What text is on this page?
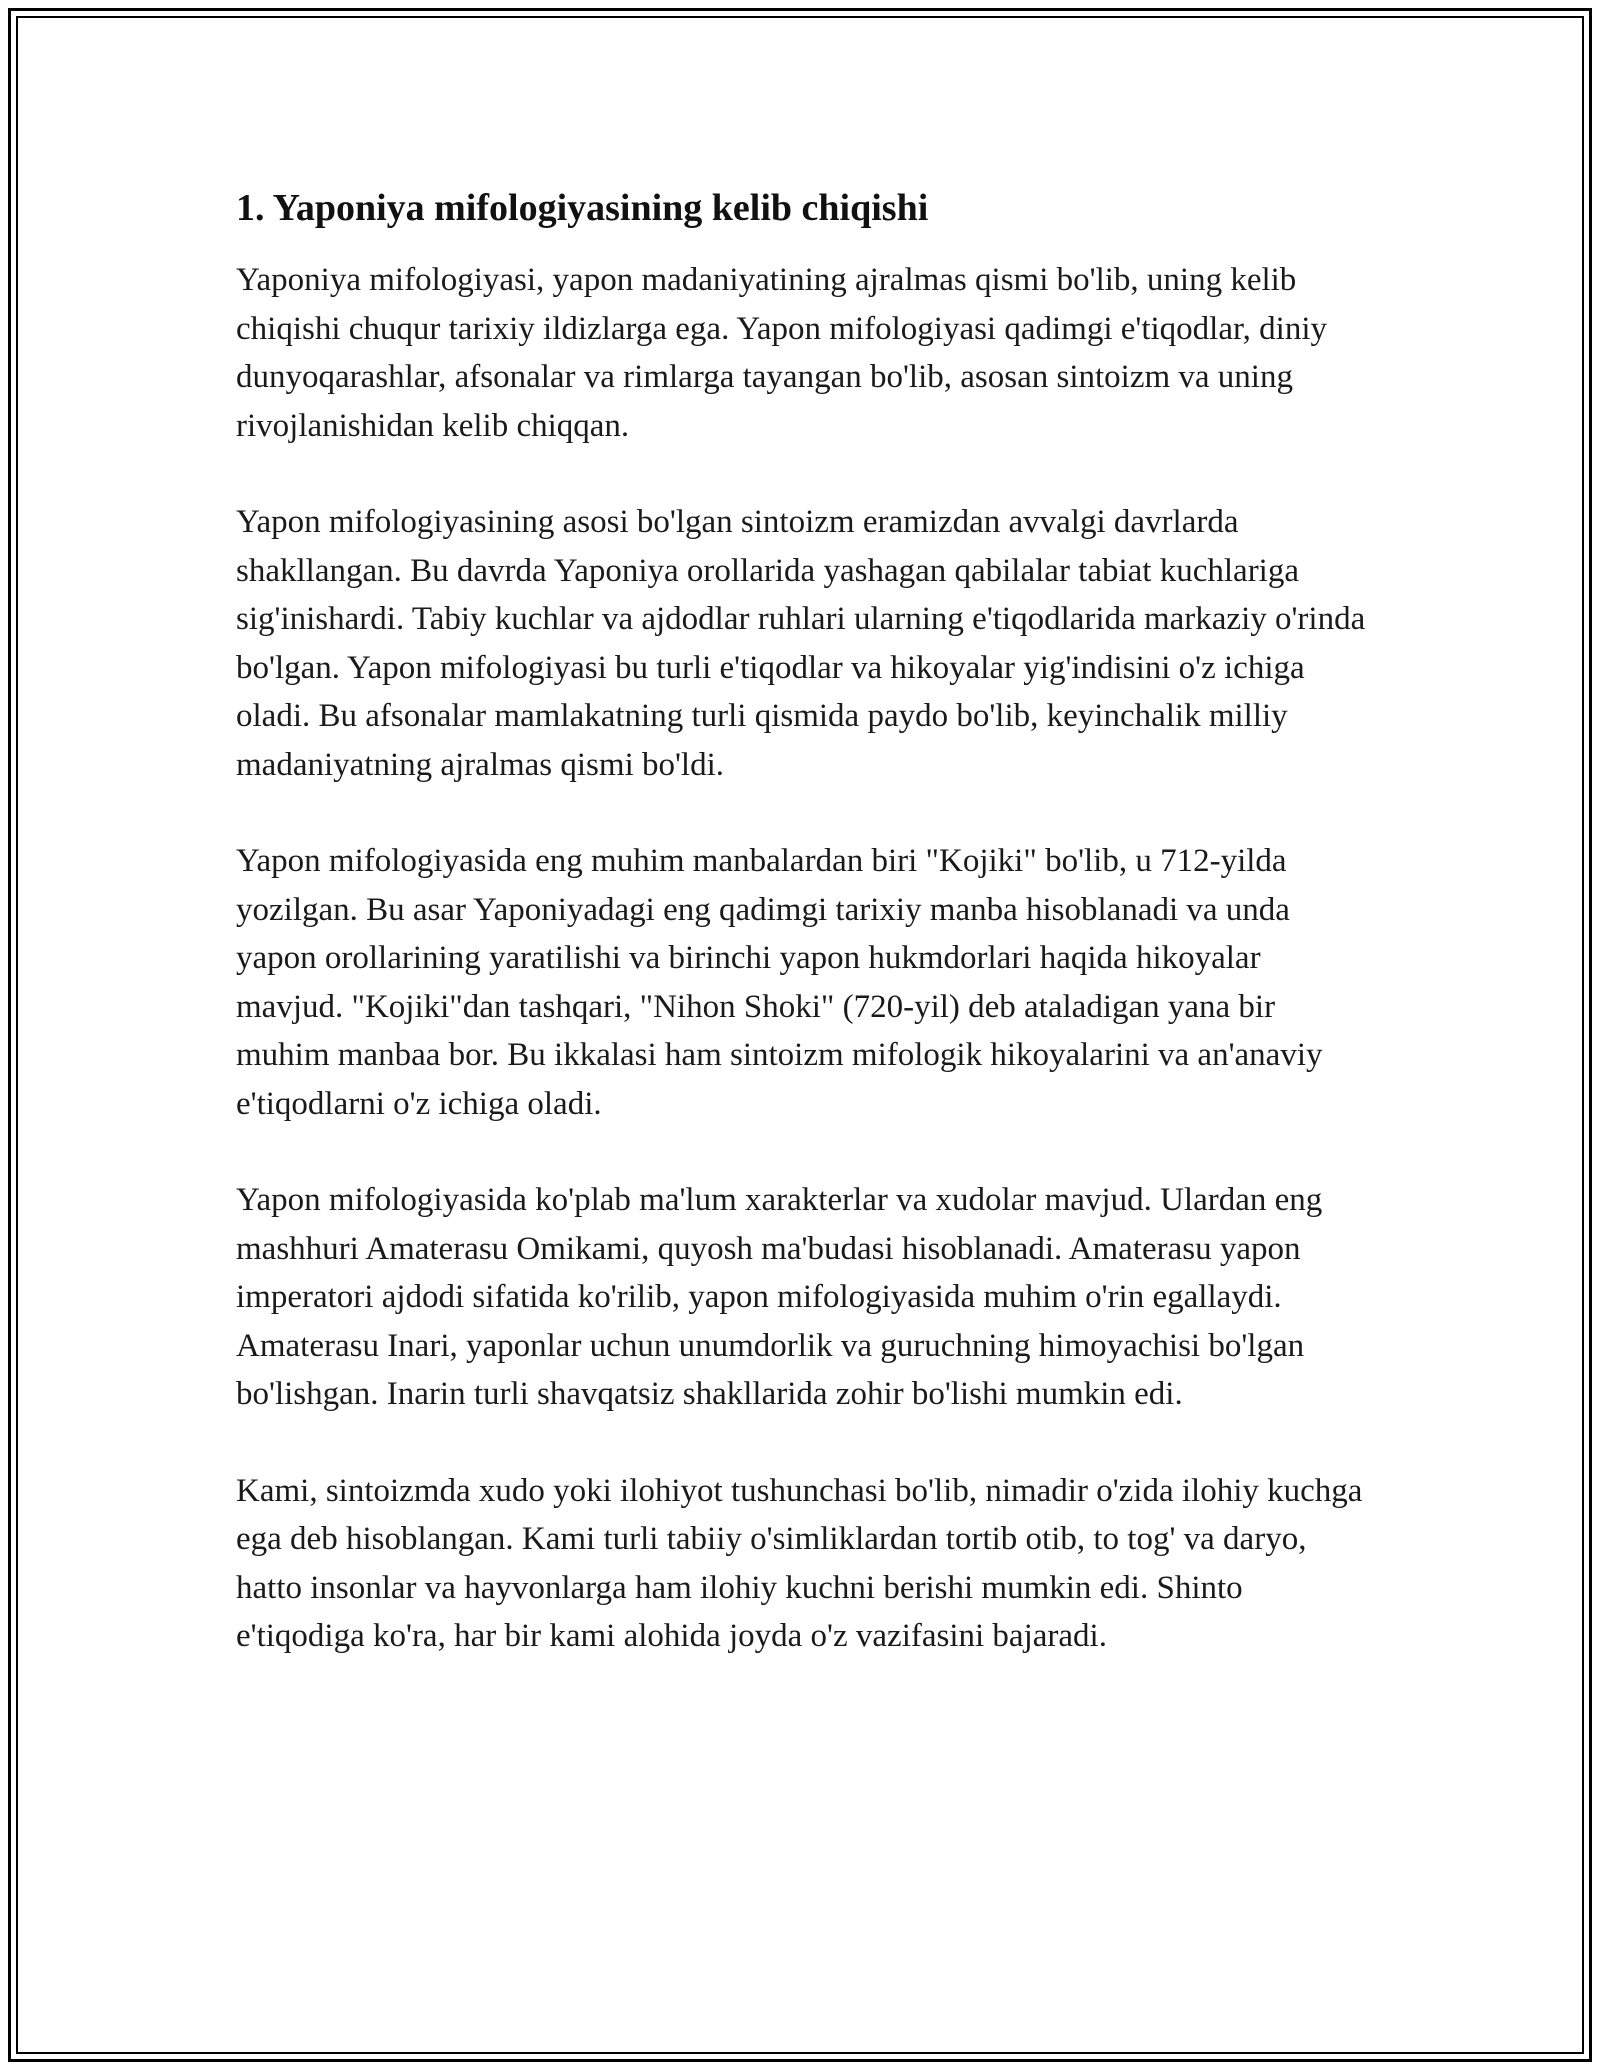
1. Yaponiya mifologiyasining kelib chiqishi

Yaponiya mifologiyasi, yapon madaniyatining ajralmas qismi bo'lib, uning kelib chiqishi chuqur tarixiy ildizlarga ega. Yapon mifologiyasi qadimgi e'tiqodlar, diniy dunyoqarashlar, afsonalar va rimlarga tayangan bo'lib, asosan sintoizm va uning rivojlanishidan kelib chiqqan.

Yapon mifologiyasining asosi bo'lgan sintoizm eramizdan avvalgi davrlarda shakllangan. Bu davrda Yaponiya orollarida yashagan qabilalar tabiat kuchlariga sig'inishardi. Tabiy kuchlar va ajdodlar ruhlari ularning e'tiqodlarida markaziy o'rinda bo'lgan. Yapon mifologiyasi bu turli e'tiqodlar va hikoyalar yig'indisini o'z ichiga oladi. Bu afsonalar mamlakatning turli qismida paydo bo'lib, keyinchalik milliy madaniyatning ajralmas qismi bo'ldi.

Yapon mifologiyasida eng muhim manbalardan biri "Kojiki" bo'lib, u 712-yilda yozilgan. Bu asar Yaponiyadagi eng qadimgi tarixiy manba hisoblanadi va unda yapon orollarining yaratilishi va birinchi yapon hukmdorlari haqida hikoyalar mavjud. "Kojiki"dan tashqari, "Nihon Shoki" (720-yil) deb ataladigan yana bir muhim manbaa bor. Bu ikkalasi ham sintoizm mifologik hikoyalarini va an'anaviy e'tiqodlarni o'z ichiga oladi.

Yapon mifologiyasida ko'plab ma'lum xarakterlar va xudolar mavjud. Ulardan eng mashhuri Amaterasu Omikami, quyosh ma'budasi hisoblanadi. Amaterasu yapon imperatori ajdodi sifatida ko'rilib, yapon mifologiyasida muhim o'rin egallaydi. Amaterasu Inari, yaponlar uchun unumdorlik va guruchning himoyachisi bo'lgan bo'lishgan. Inarin turli shavqatsiz shakllarida zohir bo'lishi mumkin edi.

Kami, sintoizmda xudo yoki ilohiyot tushunchasi bo'lib, nimadir o'zida ilohiy kuchga ega deb hisoblangan. Kami turli tabiiy o'simliklardan tortib otib, to tog' va daryo, hatto insonlar va hayvonlarga ham ilohiy kuchni berishi mumkin edi. Shinto e'tiqodiga ko'ra, har bir kami alohida joyda o'z vazifasini bajaradi.
